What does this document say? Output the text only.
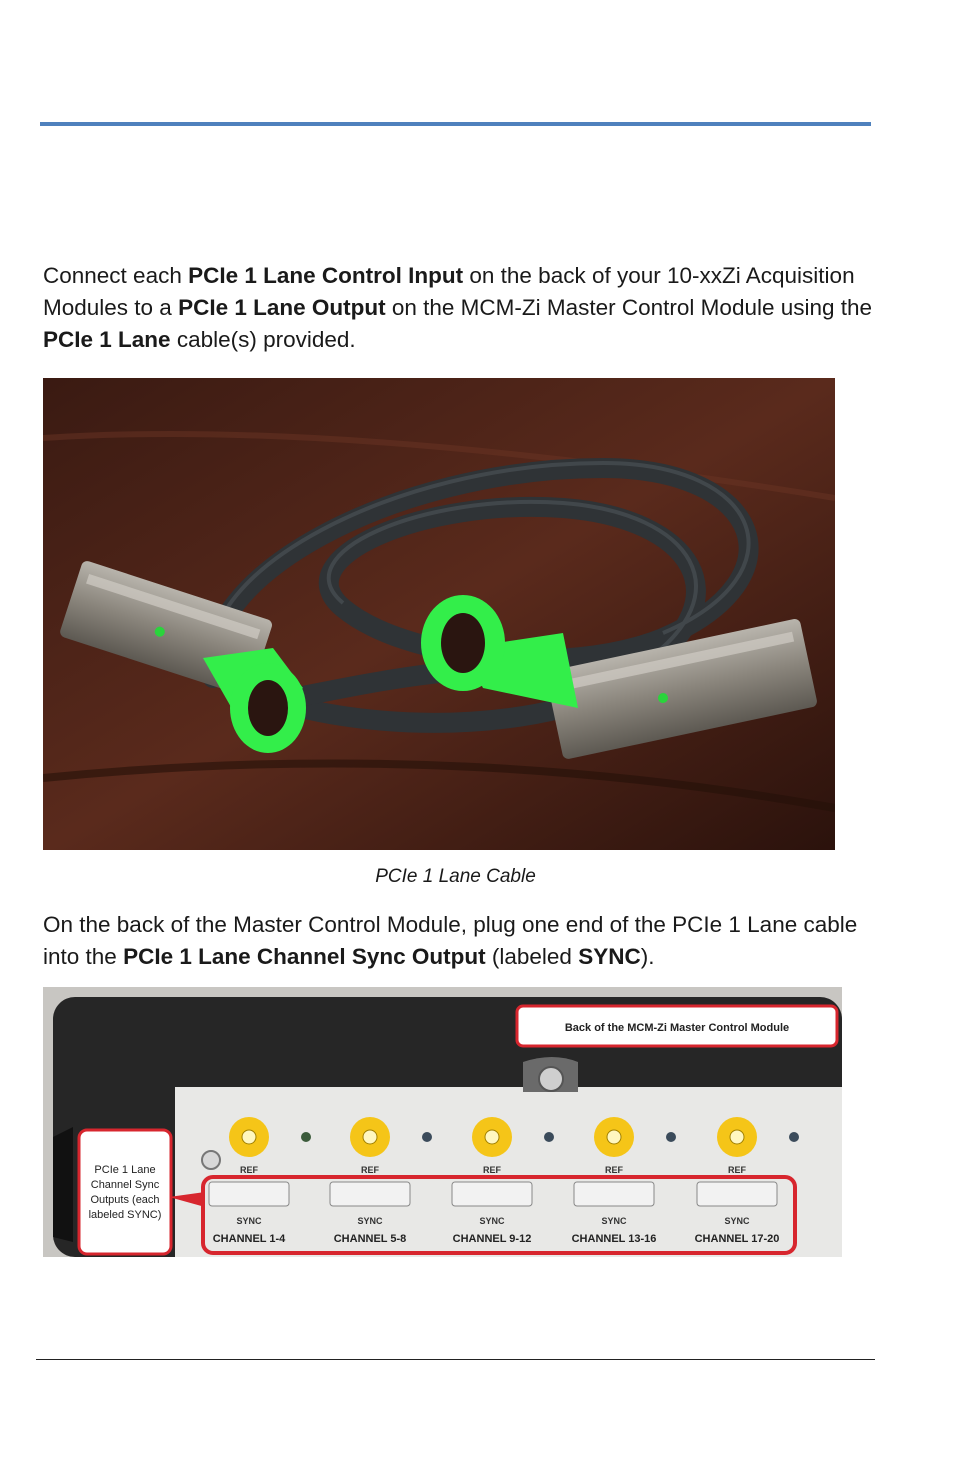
Connect each PCIe 1 Lane Control Input on the back of your 10-xxZi Acquisition Modules to a PCIe 1 Lane Output on the MCM-Zi Master Control Module using the PCIe 1 Lane cable(s) provided.

PCIe 1 Lane Cable

On the back of the Master Control Module, plug one end of the PCIe 1 Lane cable into the PCIe 1 Lane Channel Sync Output (labeled SYNC).

REF
SYNC
CHANNEL 1-4
REF
SYNC
CHANNEL 5-8
REF
SYNC
CHANNEL 9-12
REF
SYNC
CHANNEL 13-16
REF
SYNC
CHANNEL 17-20
Back of the MCM-Zi Master Control Module
PCIe 1 Lane
Channel Sync
Outputs (each
labeled SYNC)
